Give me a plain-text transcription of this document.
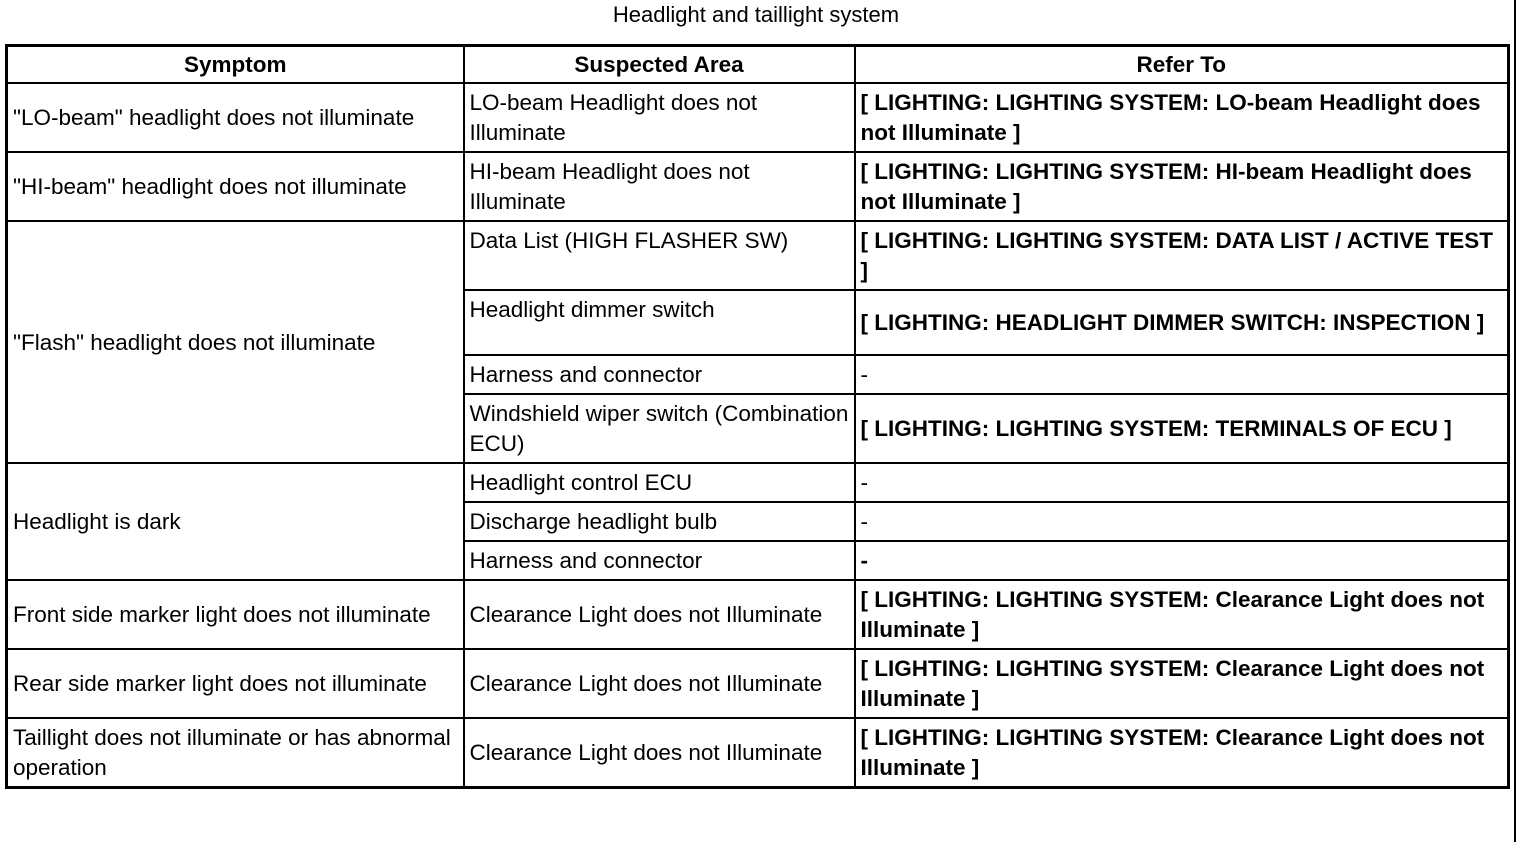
Headlight and taillight system
Symptom	Suspected Area	Refer To
"LO-beam" headlight does not illuminate	LO-beam Headlight does not Illuminate	[ LIGHTING: LIGHTING SYSTEM: LO-beam Headlight does not Illuminate ]
"HI-beam" headlight does not illuminate	HI-beam Headlight does not Illuminate	[ LIGHTING: LIGHTING SYSTEM: HI-beam Headlight does not Illuminate ]
"Flash" headlight does not illuminate	Data List (HIGH FLASHER SW)	[ LIGHTING: LIGHTING SYSTEM: DATA LIST / ACTIVE TEST ]
	Headlight dimmer switch	[ LIGHTING: HEADLIGHT DIMMER SWITCH: INSPECTION ]
	Harness and connector	-
	Windshield wiper switch (Combination ECU)	[ LIGHTING: LIGHTING SYSTEM: TERMINALS OF ECU ]
Headlight is dark	Headlight control ECU	-
	Discharge headlight bulb	-
	Harness and connector	-
Front side marker light does not illuminate	Clearance Light does not Illuminate	[ LIGHTING: LIGHTING SYSTEM: Clearance Light does not Illuminate ]
Rear side marker light does not illuminate	Clearance Light does not Illuminate	[ LIGHTING: LIGHTING SYSTEM: Clearance Light does not Illuminate ]
Taillight does not illuminate or has abnormal operation	Clearance Light does not Illuminate	[ LIGHTING: LIGHTING SYSTEM: Clearance Light does not Illuminate ]
